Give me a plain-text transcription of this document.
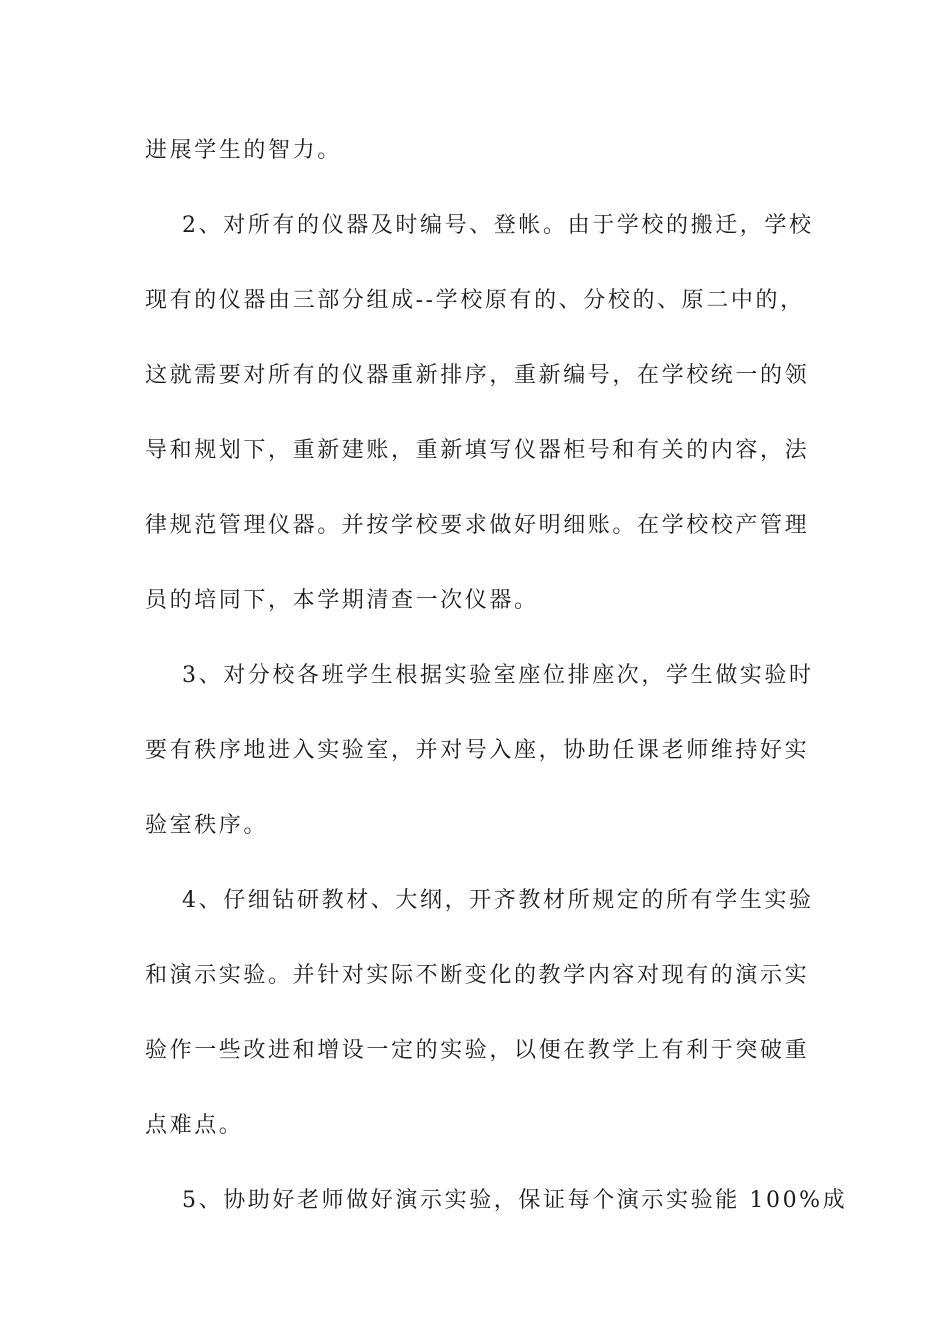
进展学生的智力。
2、对所有的仪器及时编号、登帐。由于学校的搬迁，学校
现有的仪器由三部分组成--学校原有的、分校的、原二中的，
这就需要对所有的仪器重新排序，重新编号，在学校统一的领
导和规划下，重新建账，重新填写仪器柜号和有关的内容，法
律规范管理仪器。并按学校要求做好明细账。在学校校产管理
员的培同下，本学期清查一次仪器。
3、对分校各班学生根据实验室座位排座次，学生做实验时
要有秩序地进入实验室，并对号入座，协助任课老师维持好实
验室秩序。
4、仔细钻研教材、大纲，开齐教材所规定的所有学生实验
和演示实验。并针对实际不断变化的教学内容对现有的演示实
验作一些改进和增设一定的实验，以便在教学上有利于突破重
点难点。
5、协助好老师做好演示实验，保证每个演示实验能 100%成
